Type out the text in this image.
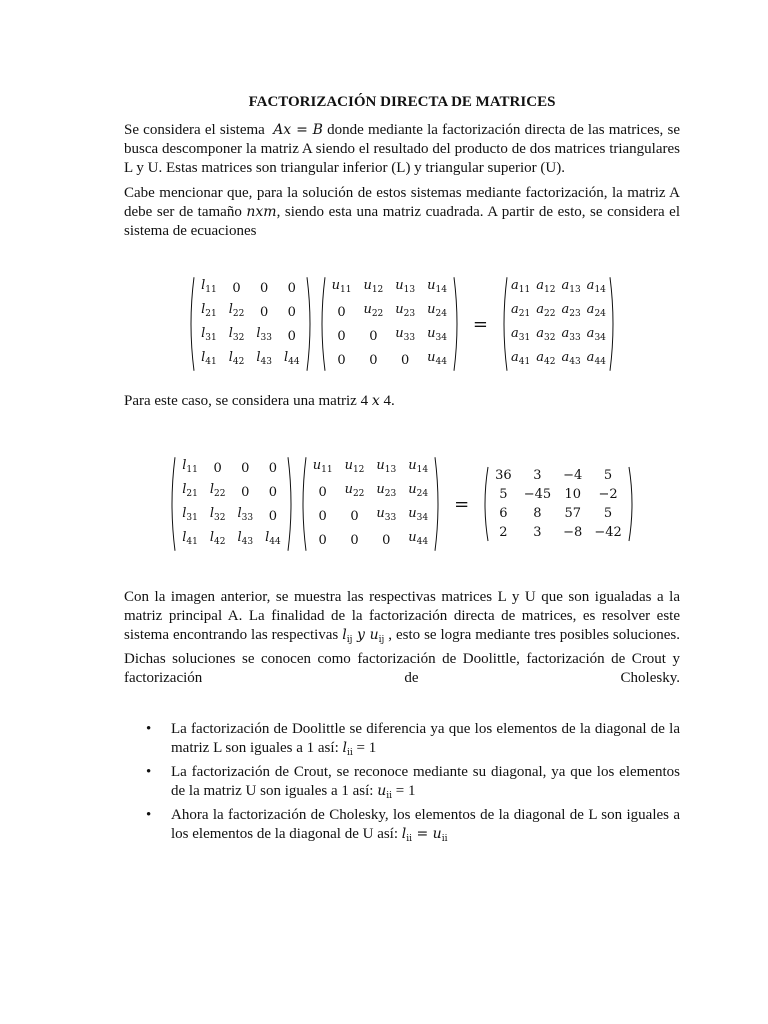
FACTORIZACIÓN DIRECTA DE MATRICES
Se considera el sistema Ax = B donde mediante la factorización directa de las matrices, se busca descomponer la matriz A siendo el resultado del producto de dos matrices triangulares L y U. Estas matrices son triangular inferior (L) y triangular superior (U).
Cabe mencionar que, para la solución de estos sistemas mediante factorización, la matriz A debe ser de tamaño nxm, siendo esta una matriz cuadrada. A partir de esto, se considera el sistema de ecuaciones
$l_{11}$	0	0	0
$l_{21}$	$l_{22}$	0	0
$l_{31}$	$l_{32}$	$l_{33}$	0
$l_{41}$	$l_{42}$	$l_{43}$	$l_{44}$
$u_{11}$	$u_{12}$	$u_{13}$	$u_{14}$
0	$u_{22}$	$u_{23}$	$u_{24}$
0	0	$u_{33}$	$u_{34}$
0	0	0	$u_{44}$
=
$a_{11}$	$a_{12}$	$a_{13}$	$a_{14}$
$a_{21}$	$a_{22}$	$a_{23}$	$a_{24}$
$a_{31}$	$a_{32}$	$a_{33}$	$a_{34}$
$a_{41}$	$a_{42}$	$a_{43}$	$a_{44}$
Para este caso, se considera una matriz 4 x 4.
$l_{11}$	0	0	0
$l_{21}$	$l_{22}$	0	0
$l_{31}$	$l_{32}$	$l_{33}$	0
$l_{41}$	$l_{42}$	$l_{43}$	$l_{44}$
$u_{11}$	$u_{12}$	$u_{13}$	$u_{14}$
0	$u_{22}$	$u_{23}$	$u_{24}$
0	0	$u_{33}$	$u_{34}$
0	0	0	$u_{44}$
=
36	3	−4	5
5	−45	10	−2
6	8	57	5
2	3	−8	−42
Con la imagen anterior, se muestra las respectivas matrices L y U que son igualadas a la matriz principal A. La finalidad de la factorización directa de matrices, es resolver este sistema encontrando las respectivas $l_{ij}$ y $u_{ij}$ , esto se logra mediante tres posibles soluciones. Dichas soluciones se conocen como factorización de Doolittle, factorización de Crout y factorización de Cholesky.
• La factorización de Doolittle se diferencia ya que los elementos de la diagonal de la matriz L son iguales a 1 así: $l_{ii} = 1$
• La factorización de Crout, se reconoce mediante su diagonal, ya que los elementos de la matriz U son iguales a 1 así: $u_{ii} = 1$
• Ahora la factorización de Cholesky, los elementos de la diagonal de L son iguales a los elementos de la diagonal de U así: $l_{ii} = u_{ii}$
